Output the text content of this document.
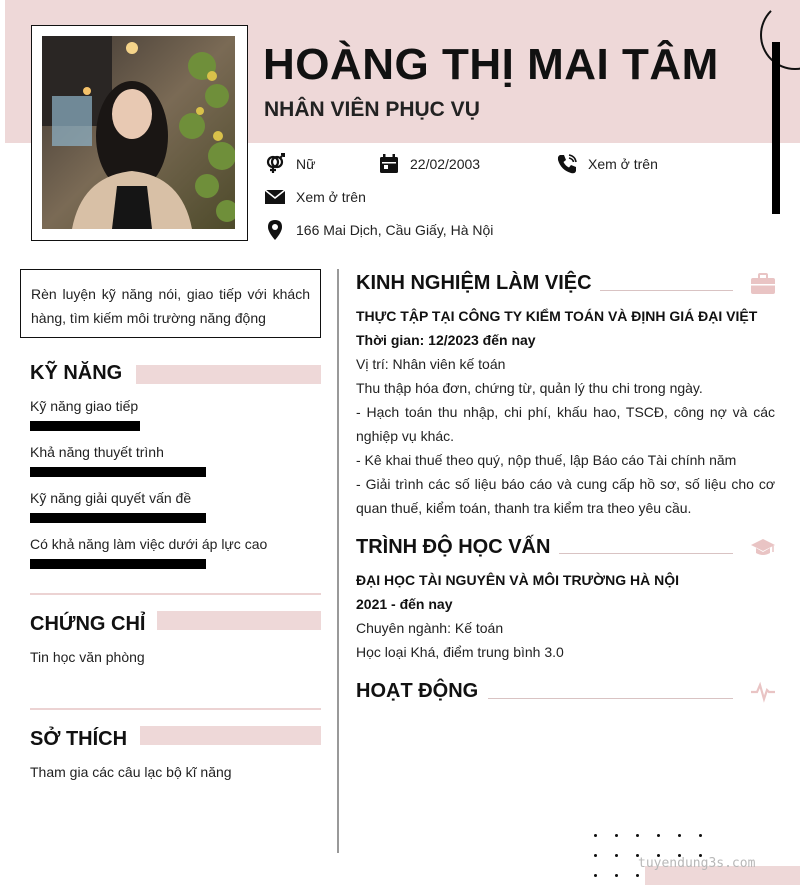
HOÀNG THỊ MAI TÂM
NHÂN VIÊN PHỤC VỤ
Nữ	22/02/2003	Xem ở trên
Xem ở trên
166 Mai Dịch, Cầu Giấy, Hà Nội
Rèn luyện kỹ năng nói, giao tiếp với khách hàng, tìm kiếm môi trường năng động
KỸ NĂNG
Kỹ năng giao tiếp
Khả năng thuyết trình
Kỹ năng giải quyết vấn đề
Có khả năng làm việc dưới áp lực cao
CHỨNG CHỈ
Tin học văn phòng
SỞ THÍCH
Tham gia các câu lạc bộ kĩ năng
KINH NGHIỆM LÀM VIỆC
THỰC TẬP TẠI CÔNG TY KIỂM TOÁN VÀ ĐỊNH GIÁ ĐẠI VIỆT
Thời gian: 12/2023 đến nay
Vị trí: Nhân viên kế toán
Thu thập hóa đơn, chứng từ, quản lý thu chi trong ngày.
- Hạch toán thu nhập, chi phí, khấu hao, TSCĐ, công nợ và các nghiệp vụ khác.
- Kê khai thuế theo quý, nộp thuế, lập Báo cáo Tài chính năm
- Giải trình các số liệu báo cáo và cung cấp hồ sơ, số liệu cho cơ quan thuế, kiểm toán, thanh tra kiểm tra theo yêu cầu.
TRÌNH ĐỘ HỌC VẤN
ĐẠI HỌC TÀI NGUYÊN VÀ MÔI TRƯỜNG HÀ NỘI
2021 - đến nay
Chuyên ngành: Kế toán
Học loại Khá, điểm trung bình 3.0
HOẠT ĐỘNG
tuyendung3s.com
